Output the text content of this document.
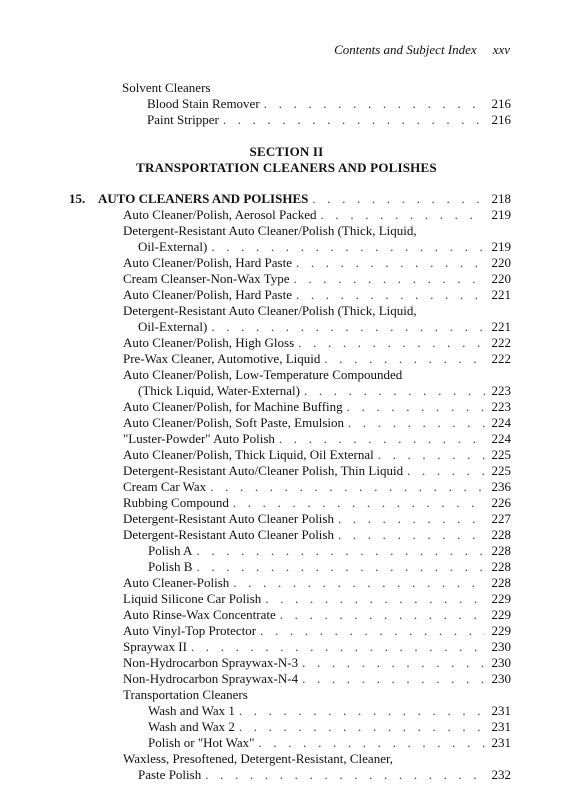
Contents and Subject Index xxv
Solvent Cleaners
Blood Stain Remover . . .	216
Paint Stripper . . .	216
SECTION II
TRANSPORTATION CLEANERS AND POLISHES
15. AUTO CLEANERS AND POLISHES . . .	218
Auto Cleaner/Polish, Aerosol Packed . . .	219
Detergent-Resistant Auto Cleaner/Polish (Thick, Liquid,
Oil-External) . . .	219
Auto Cleaner/Polish, Hard Paste . . .	220
Cream Cleanser-Non-Wax Type . . .	220
Auto Cleaner/Polish, Hard Paste . . .	221
Detergent-Resistant Auto Cleaner/Polish (Thick, Liquid,
Oil-External) . . .	221
Auto Cleaner/Polish, High Gloss . . .	222
Pre-Wax Cleaner, Automotive, Liquid . . .	222
Auto Cleaner/Polish, Low-Temperature Compounded
(Thick Liquid, Water-External) . . .	223
Auto Cleaner/Polish, for Machine Buffing . . .	223
Auto Cleaner/Polish, Soft Paste, Emulsion . . .	224
"Luster-Powder" Auto Polish . . .	224
Auto Cleaner/Polish, Thick Liquid, Oil External . . .	225
Detergent-Resistant Auto/Cleaner Polish, Thin Liquid . . .	225
Cream Car Wax . . .	236
Rubbing Compound . . .	226
Detergent-Resistant Auto Cleaner Polish . . .	227
Detergent-Resistant Auto Cleaner Polish . . .	228
Polish A . . .	228
Polish B . . .	228
Auto Cleaner-Polish . . .	228
Liquid Silicone Car Polish . . .	229
Auto Rinse-Wax Concentrate . . .	229
Auto Vinyl-Top Protector . . .	229
Spraywax II . . .	230
Non-Hydrocarbon Spraywax-N-3 . . .	230
Non-Hydrocarbon Spraywax-N-4 . . .	230
Transportation Cleaners
Wash and Wax 1 . . .	231
Wash and Wax 2 . . .	231
Polish or "Hot Wax" . . .	231
Waxless, Presoftened, Detergent-Resistant, Cleaner,
Paste Polish . . .	232
